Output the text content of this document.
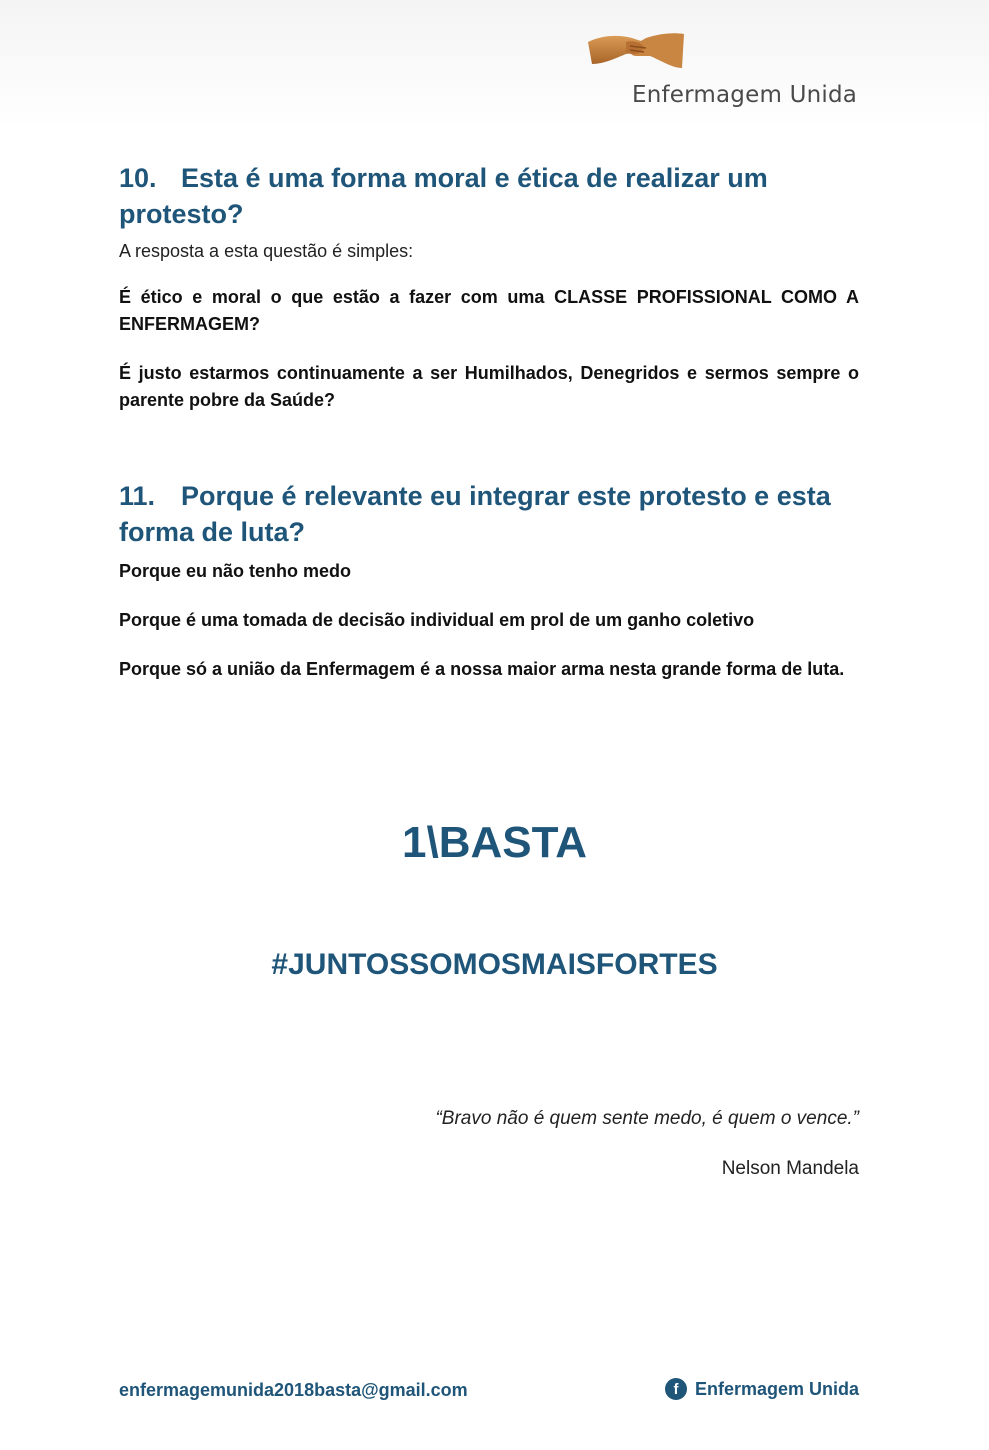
Enfermagem Unida
10. Esta é uma forma moral e ética de realizar um protesto?

A resposta a esta questão é simples:

É ético e moral o que estão a fazer com uma CLASSE PROFISSIONAL COMO A ENFERMAGEM?

É justo estarmos continuamente a ser Humilhados, Denegridos e sermos sempre o parente pobre da Saúde?

11. Porque é relevante eu integrar este protesto e esta forma de luta?

Porque eu não tenho medo

Porque é uma tomada de decisão individual em prol de um ganho coletivo

Porque só a união da Enfermagem é a nossa maior arma nesta grande forma de luta.

1\BASTA
#JUNTOSSOMOSMAISFORTES
“Bravo não é quem sente medo, é quem o vence.”
Nelson Mandela
enfermagemunida2018basta@gmail.com	f Enfermagem Unida
